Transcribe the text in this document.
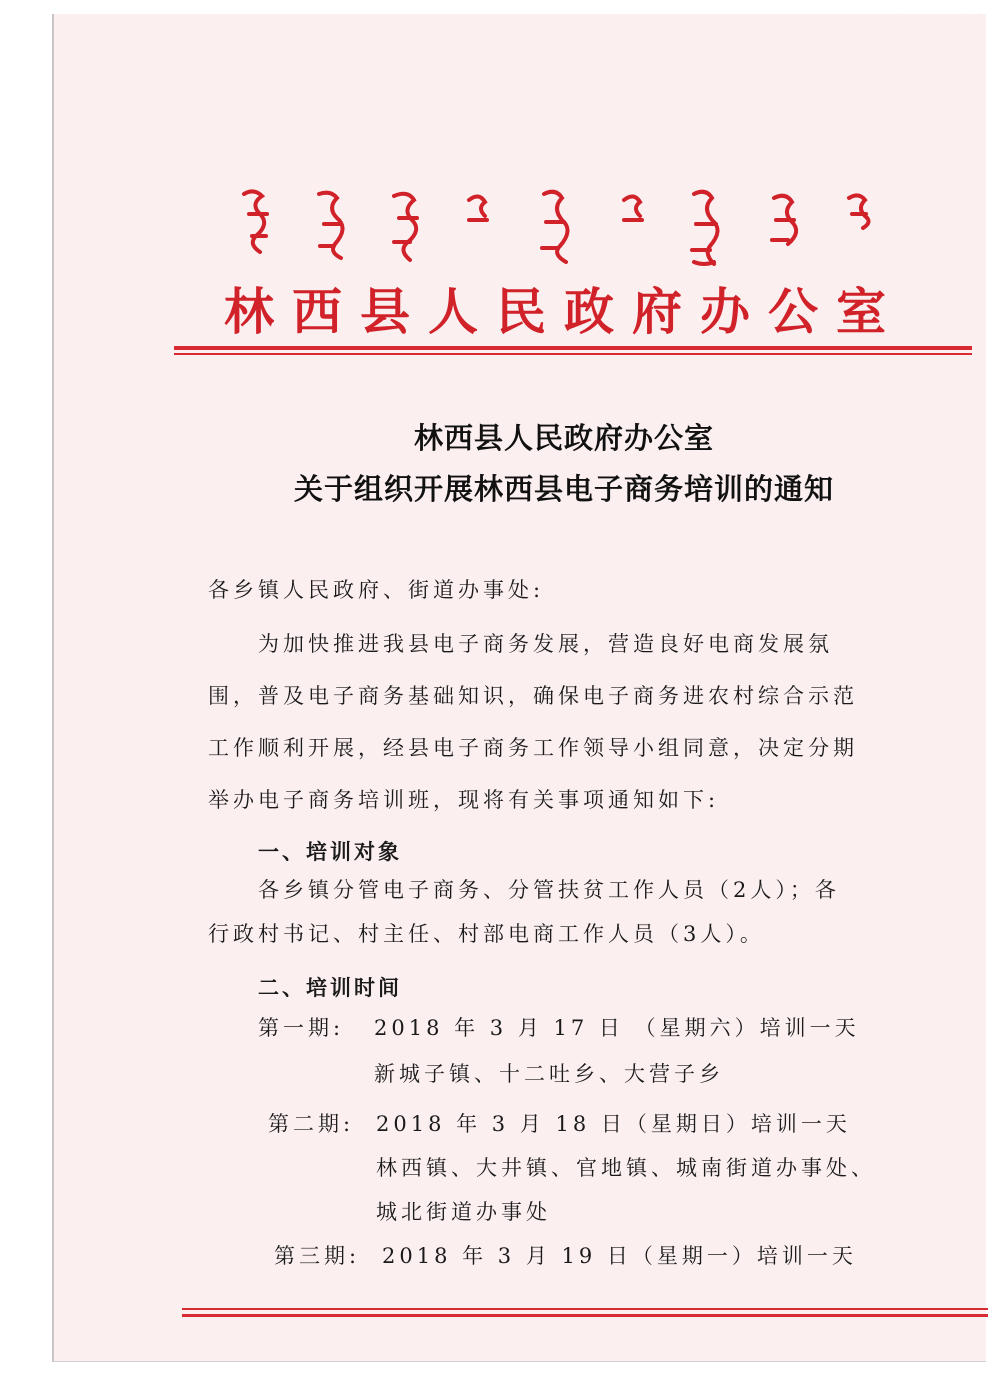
林西县人民政府办公室
林西县人民政府办公室
关于组织开展林西县电子商务培训的通知
各乡镇人民政府、街道办事处:
为加快推进我县电子商务发展，营造良好电商发展氛
围，普及电子商务基础知识，确保电子商务进农村综合示范
工作顺利开展，经县电子商务工作领导小组同意，决定分期
举办电子商务培训班，现将有关事项通知如下:
一、培训对象
各乡镇分管电子商务、分管扶贫工作人员（2人）；各
行政村书记、村主任、村部电商工作人员（3人）。
二、培训时间
第一期: 2018 年 3 月 17 日 （星期六）培训一天
新城子镇、十二吐乡、大营子乡
第二期: 2018 年 3 月 18 日（星期日）培训一天
林西镇、大井镇、官地镇、城南街道办事处、
城北街道办事处
第三期: 2018 年 3 月 19 日（星期一）培训一天
